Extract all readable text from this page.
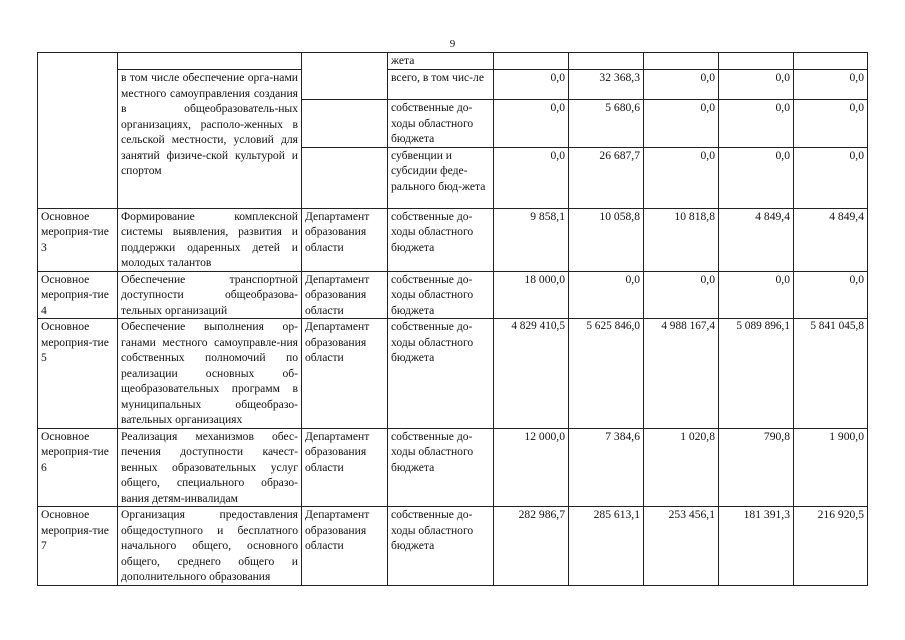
9
			жета					
	в том числе обеспечение орга-нами местного самоуправления создания в общеобразователь-ных организациях, располо-женных в сельской местности, условий для занятий физиче-ской культурой и спортом		всего, в том чис-ле	0,0	32 368,3	0,0	0,0	0,0
			собственные до-ходы областного бюджета	0,0	5 680,6	0,0	0,0	0,0
			субвенции и субсидии феде-рального бюд-жета	0,0	26 687,7	0,0	0,0	0,0
Основное мероприя-тие 3	Формирование комплексной системы выявления, развития и поддержки одаренных детей и молодых талантов	Департамент образования области	собственные до-ходы областного бюджета	9 858,1	10 058,8	10 818,8	4 849,4	4 849,4
Основное мероприя-тие 4	Обеспечение транспортной доступности общеобразова-тельных организаций	Департамент образования области	собственные до-ходы областного бюджета	18 000,0	0,0	0,0	0,0	0,0
Основное мероприя-тие 5	Обеспечение выполнения ор-ганами местного самоуправле-ния собственных полномочий по реализации основных об-щеобразовательных программ в муниципальных общеобразо-вательных организациях	Департамент образования области	собственные до-ходы областного бюджета	4 829 410,5	5 625 846,0	4 988 167,4	5 089 896,1	5 841 045,8
Основное мероприя-тие 6	Реализация механизмов обес-печения доступности качест-венных образовательных услуг общего, специального образо-вания детям-инвалидам	Департамент образования области	собственные до-ходы областного бюджета	12 000,0	7 384,6	1 020,8	790,8	1 900,0
Основное мероприя-тие 7	Организация предоставления общедоступного и бесплатного начального общего, основного общего, среднего общего и дополнительного образования	Департамент образования области	собственные до-ходы областного бюджета	282 986,7	285 613,1	253 456,1	181 391,3	216 920,5
